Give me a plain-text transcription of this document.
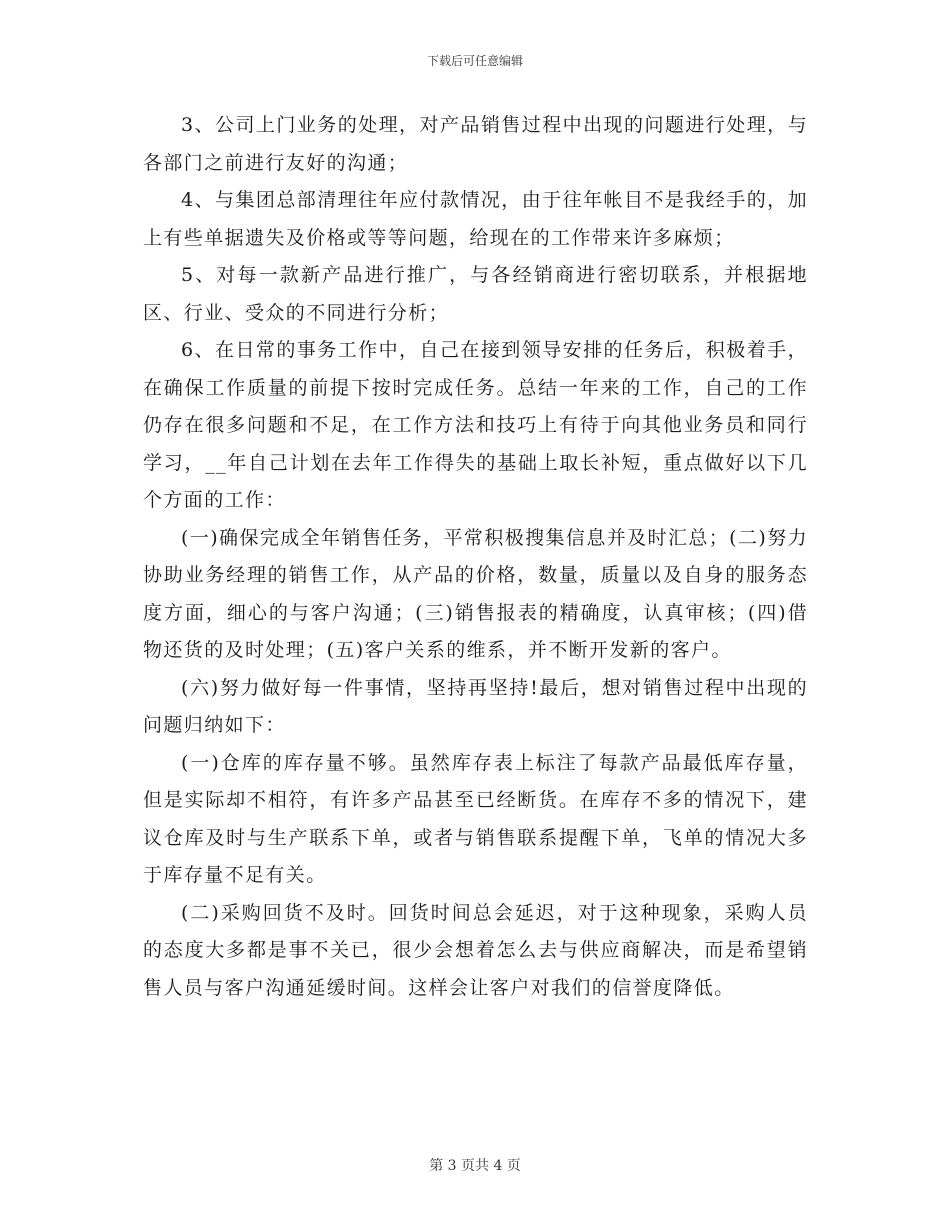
下载后可任意编辑

3、公司上门业务的处理，对产品销售过程中出现的问题进行处理，与各部门之前进行友好的沟通；

4、与集团总部清理往年应付款情况，由于往年帐目不是我经手的，加上有些单据遗失及价格或等等问题，给现在的工作带来许多麻烦；

5、对每一款新产品进行推广，与各经销商进行密切联系，并根据地区、行业、受众的不同进行分析；

6、在日常的事务工作中，自己在接到领导安排的任务后，积极着手，在确保工作质量的前提下按时完成任务。总结一年来的工作，自己的工作仍存在很多问题和不足，在工作方法和技巧上有待于向其他业务员和同行学习，__年自己计划在去年工作得失的基础上取长补短，重点做好以下几个方面的工作：

(一)确保完成全年销售任务，平常积极搜集信息并及时汇总；(二)努力协助业务经理的销售工作，从产品的价格，数量，质量以及自身的服务态度方面，细心的与客户沟通；(三)销售报表的精确度，认真审核；(四)借物还货的及时处理；(五)客户关系的维系，并不断开发新的客户。

(六)努力做好每一件事情，坚持再坚持!最后，想对销售过程中出现的问题归纳如下：

(一)仓库的库存量不够。虽然库存表上标注了每款产品最低库存量，但是实际却不相符，有许多产品甚至已经断货。在库存不多的情况下，建议仓库及时与生产联系下单，或者与销售联系提醒下单，飞单的情况大多于库存量不足有关。

(二)采购回货不及时。回货时间总会延迟，对于这种现象，采购人员的态度大多都是事不关已，很少会想着怎么去与供应商解决，而是希望销售人员与客户沟通延缓时间。这样会让客户对我们的信誉度降低。

第 3 页共 4 页
